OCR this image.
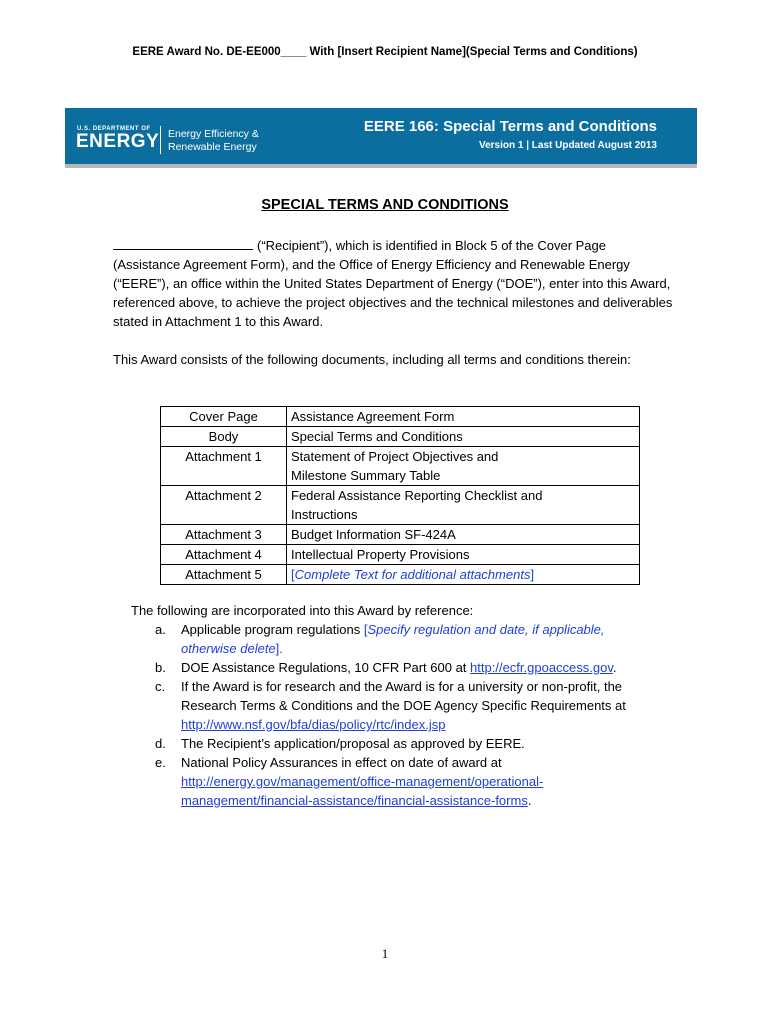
EERE Award No. DE-EE000____ With [Insert Recipient Name](Special Terms and Conditions)
U.S. DEPARTMENT OF
ENERGY Energy Efficiency &
Renewable Energy
EERE 166: Special Terms and Conditions
Version 1 | Last Updated August 2013
SPECIAL TERMS AND CONDITIONS
(“Recipient”), which is identified in Block 5 of the Cover Page (Assistance Agreement Form), and the Office of Energy Efficiency and Renewable Energy (“EERE”), an office within the United States Department of Energy (“DOE”), enter into this Award, referenced above, to achieve the project objectives and the technical milestones and deliverables stated in Attachment 1 to this Award.
This Award consists of the following documents, including all terms and conditions therein:
Cover Page	Assistance Agreement Form
Body	Special Terms and Conditions
Attachment 1	Statement of Project Objectives and
Milestone Summary Table
Attachment 2	Federal Assistance Reporting Checklist and
Instructions
Attachment 3	Budget Information SF-424A
Attachment 4	Intellectual Property Provisions
Attachment 5	[Complete Text for additional attachments]
The following are incorporated into this Award by reference:
a. Applicable program regulations [Specify regulation and date, if applicable, otherwise delete].
b. DOE Assistance Regulations, 10 CFR Part 600 at http://ecfr.gpoaccess.gov.
c. If the Award is for research and the Award is for a university or non-profit, the Research Terms & Conditions and the DOE Agency Specific Requirements at http://www.nsf.gov/bfa/dias/policy/rtc/index.jsp
d. The Recipient’s application/proposal as approved by EERE.
e. National Policy Assurances in effect on date of award at http://energy.gov/management/office-management/operational-management/financial-assistance/financial-assistance-forms.
1
